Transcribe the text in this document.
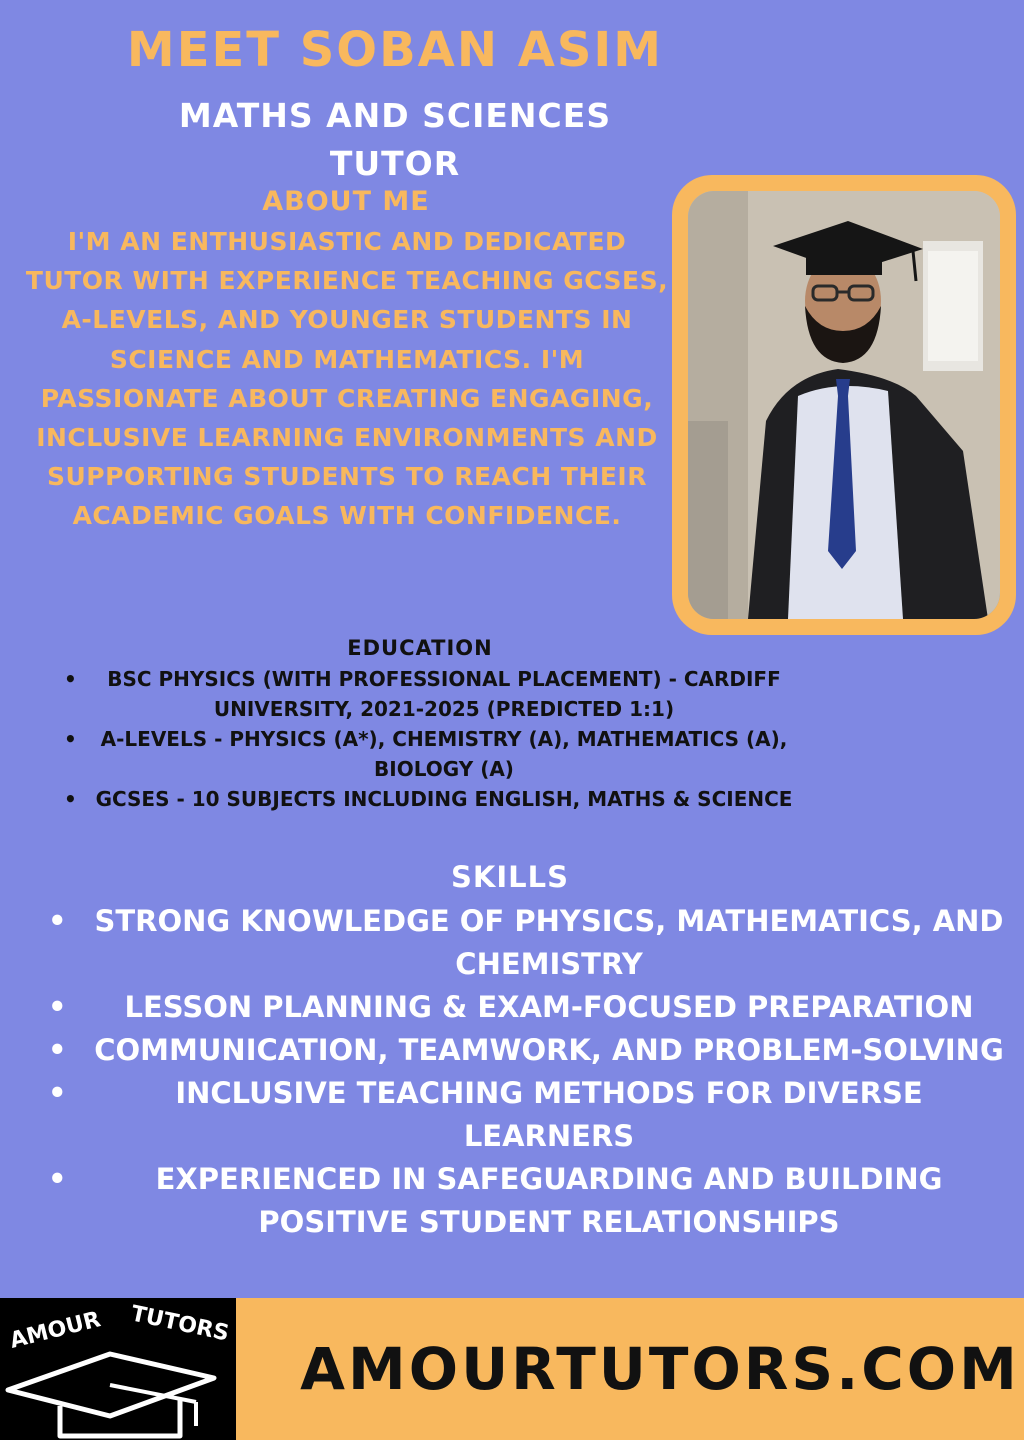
MEET SOBAN ASIM
MATHS AND SCIENCES
TUTOR
ABOUT ME

I'M AN ENTHUSIASTIC AND DEDICATED TUTOR WITH EXPERIENCE TEACHING GCSES, A-LEVELS, AND YOUNGER STUDENTS IN SCIENCE AND MATHEMATICS. I'M PASSIONATE ABOUT CREATING ENGAGING, INCLUSIVE LEARNING ENVIRONMENTS AND SUPPORTING STUDENTS TO REACH THEIR ACADEMIC GOALS WITH CONFIDENCE.

EDUCATION
• BSC PHYSICS (WITH PROFESSIONAL PLACEMENT) - CARDIFF UNIVERSITY, 2021-2025 (PREDICTED 1:1)
• A-LEVELS - PHYSICS (A*), CHEMISTRY (A), MATHEMATICS (A), BIOLOGY (A)
• GCSES - 10 SUBJECTS INCLUDING ENGLISH, MATHS & SCIENCE
SKILLS
• STRONG KNOWLEDGE OF PHYSICS, MATHEMATICS, AND CHEMISTRY
• LESSON PLANNING & EXAM-FOCUSED PREPARATION
• COMMUNICATION, TEAMWORK, AND PROBLEM-SOLVING
• INCLUSIVE TEACHING METHODS FOR DIVERSE LEARNERS
• EXPERIENCED IN SAFEGUARDING AND BUILDING POSITIVE STUDENT RELATIONSHIPS
AMOUR TUTORS
AMOURTUTORS.COM
